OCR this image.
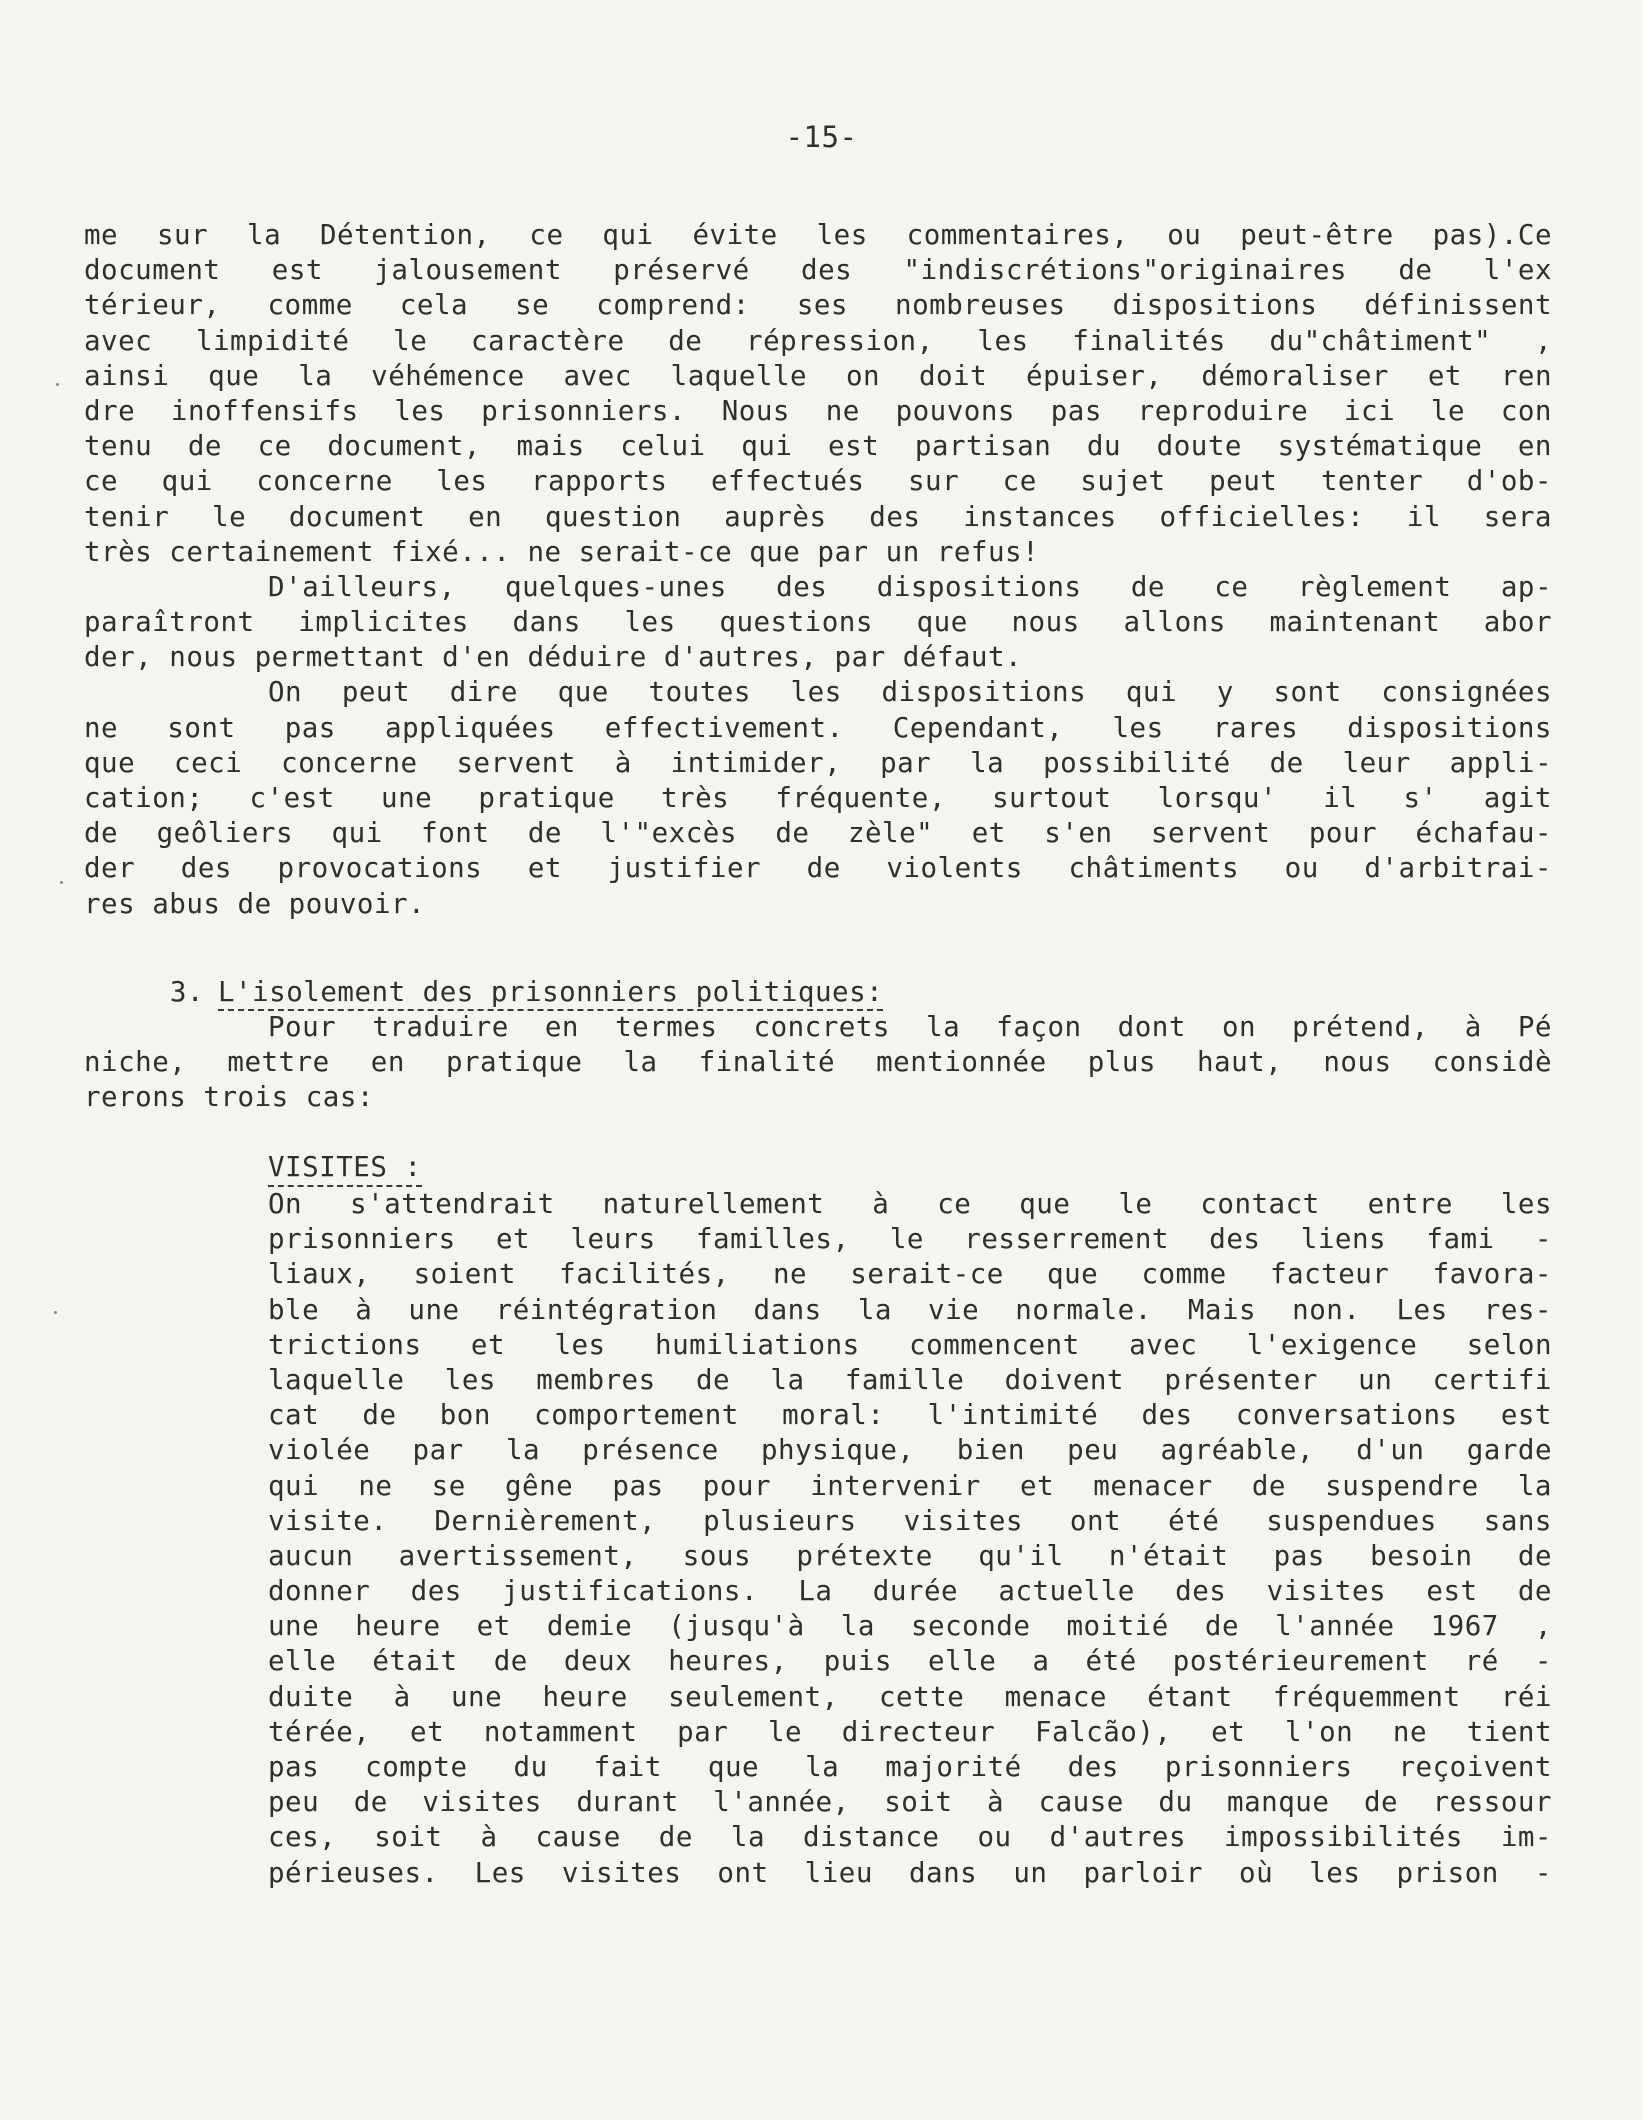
-15-
me sur la Détention, ce qui évite les commentaires, ou peut-être pas).Ce
document est jalousement préservé des "indiscrétions"originaires de l'ex
térieur, comme cela se comprend: ses nombreuses dispositions définissent
avec limpidité le caractère de répression, les finalités du"châtiment" ,
ainsi que la véhémence avec laquelle on doit épuiser, démoraliser et ren
dre inoffensifs les prisonniers. Nous ne pouvons pas reproduire ici le con
tenu de ce document, mais celui qui est partisan du doute systématique en
ce qui concerne les rapports effectués sur ce sujet peut tenter d'ob-
tenir le document en question auprès des instances officielles: il sera
très certainement fixé... ne serait-ce que par un refus!
D'ailleurs, quelques-unes des dispositions de ce règlement ap-
paraîtront implicites dans les questions que nous allons maintenant abor
der, nous permettant d'en déduire d'autres, par défaut.
On peut dire que toutes les dispositions qui y sont consignées
ne sont pas appliquées effectivement. Cependant, les rares dispositions
que ceci concerne servent à intimider, par la possibilité de leur appli-
cation; c'est une pratique très fréquente, surtout lorsqu' il s' agit
de geôliers qui font de l'"excès de zèle" et s'en servent pour échafau-
der des provocations et justifier de violents châtiments ou d'arbitrai-
res abus de pouvoir.
3. L'isolement des prisonniers politiques:
Pour traduire en termes concrets la façon dont on prétend, à Pé
niche, mettre en pratique la finalité mentionnée plus haut, nous considè
rerons trois cas:
VISITES :
On s'attendrait naturellement à ce que le contact entre les
prisonniers et leurs familles, le resserrement des liens fami -
liaux, soient facilités, ne serait-ce que comme facteur favora-
ble à une réintégration dans la vie normale. Mais non. Les res-
trictions et les humiliations commencent avec l'exigence selon
laquelle les membres de la famille doivent présenter un certifi
cat de bon comportement moral: l'intimité des conversations est
violée par la présence physique, bien peu agréable, d'un garde
qui ne se gêne pas pour intervenir et menacer de suspendre la
visite. Dernièrement, plusieurs visites ont été suspendues sans
aucun avertissement, sous prétexte qu'il n'était pas besoin de
donner des justifications. La durée actuelle des visites est de
une heure et demie (jusqu'à la seconde moitié de l'année 1967 ,
elle était de deux heures, puis elle a été postérieurement ré -
duite à une heure seulement, cette menace étant fréquemment réi
térée, et notamment par le directeur Falcão), et l'on ne tient
pas compte du fait que la majorité des prisonniers reçoivent
peu de visites durant l'année, soit à cause du manque de ressour
ces, soit à cause de la distance ou d'autres impossibilités im-
périeuses. Les visites ont lieu dans un parloir où les prison -
